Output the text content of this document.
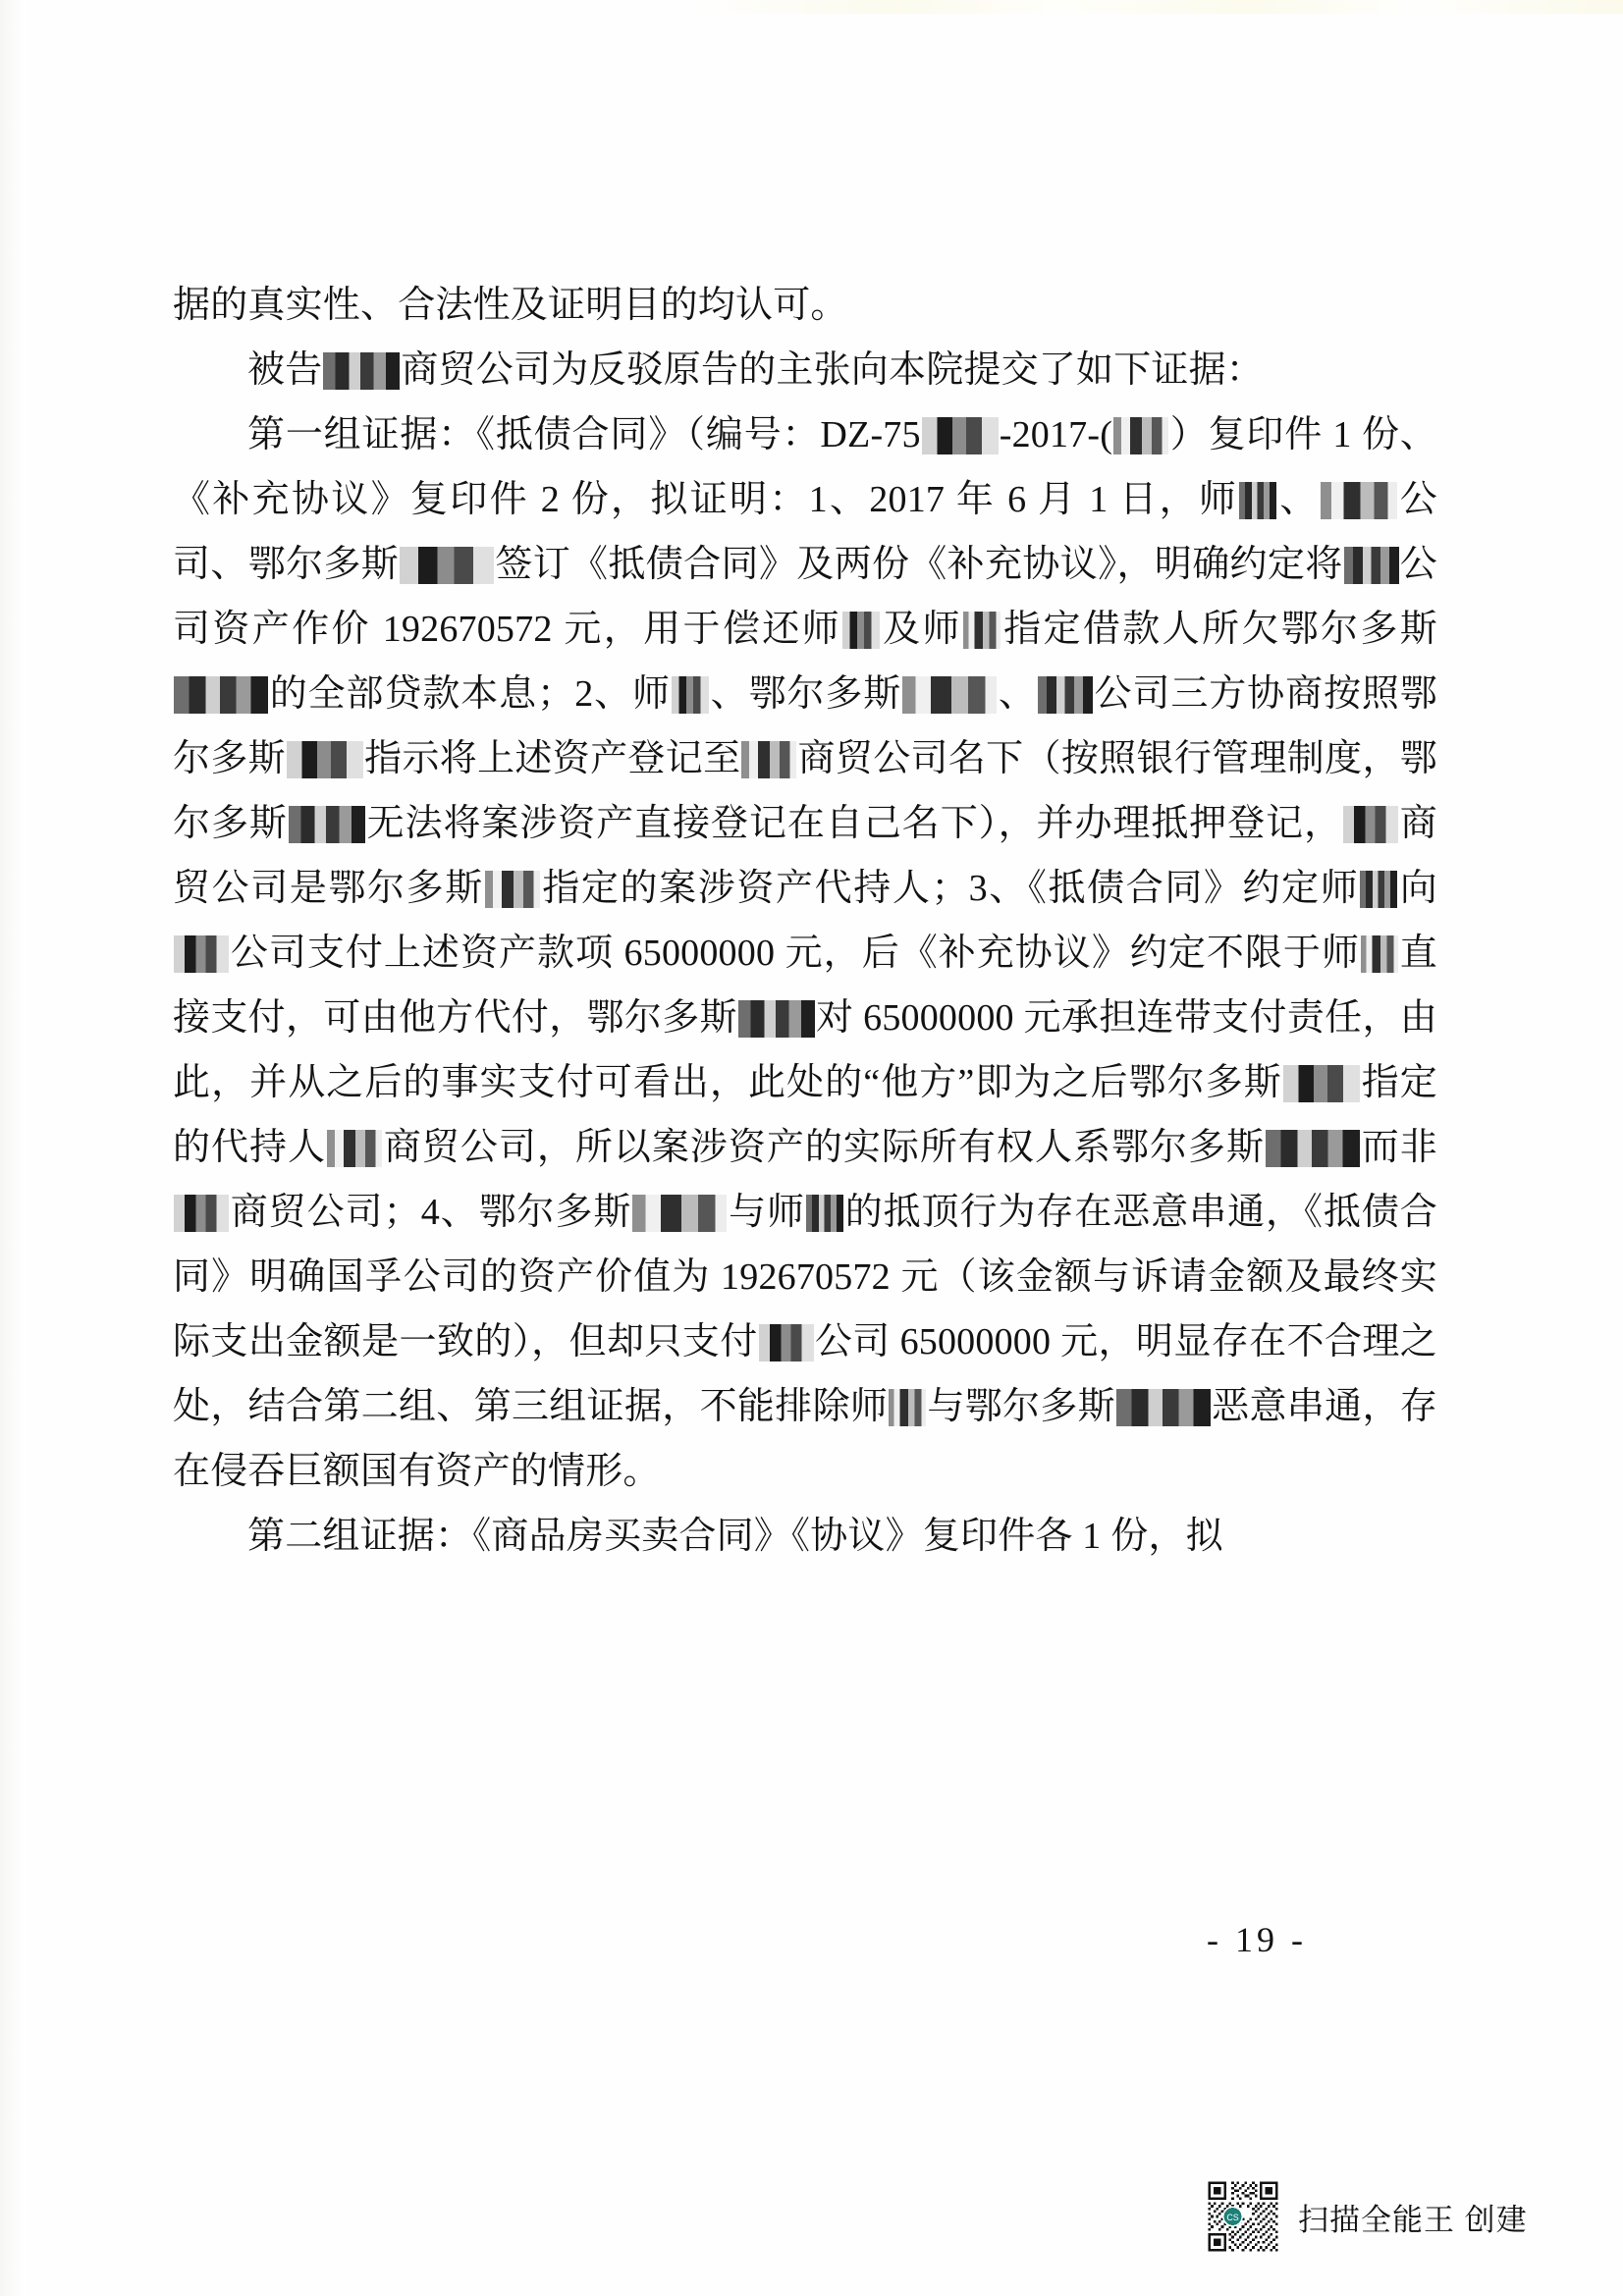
据的真实性、合法性及证明目的均认可。

被告 商贸公司为反驳原告的主张向本院提交了如下证据：

第一组证据：《抵债合同》（编号：DZ-75 -2017-( ）复印件 1 份、《补充协议》复印件 2 份，拟证明：1、2017 年 6 月 1 日，师 、 公司、鄂尔多斯	签订《抵债合同》及两份《补充协议》，明确约定将 公司资产作价 192670572 元，用于偿还师 及师 指定借款人所欠鄂尔多斯的全部贷款本息；2、师 、鄂尔多斯	、 公司三方协商按照鄂尔多斯 指示将上述资产登记至 商贸公司名下（按照银行管理制度，鄂尔多斯 无法将案涉资产直接登记在自己名下），并办理抵押登记， 商贸公司是鄂尔多斯 指定的案涉资产代持人；3、《抵债合同》约定师 向公司支付上述资产款项 65000000 元，后《补充协议》约定不限于师 直接支付，可由他方代付，鄂尔多斯 对 65000000 元承担连带支付责任，由此，并从之后的事实支付可看出，此处的“他方”即为之后鄂尔多斯 指定的代持人 商贸公司，所以案涉资产的实际所有权人系鄂尔多斯	而非商贸公司；4、鄂尔多斯	与师 的抵顶行为存在恶意串通，《抵债合同》明确国孚公司的资产价值为 192670572 元（该金额与诉请金额及最终实际支出金额是一致的），但却只支付 公司 65000000 元，明显存在不合理之处，结合第二组、第三组证据，不能排除师 与鄂尔多斯	恶意串通，存在侵吞巨额国有资产的情形。

第二组证据：《商品房买卖合同》《协议》复印件各 1 份，拟

- 19 -
CS 扫描全能王 创建
